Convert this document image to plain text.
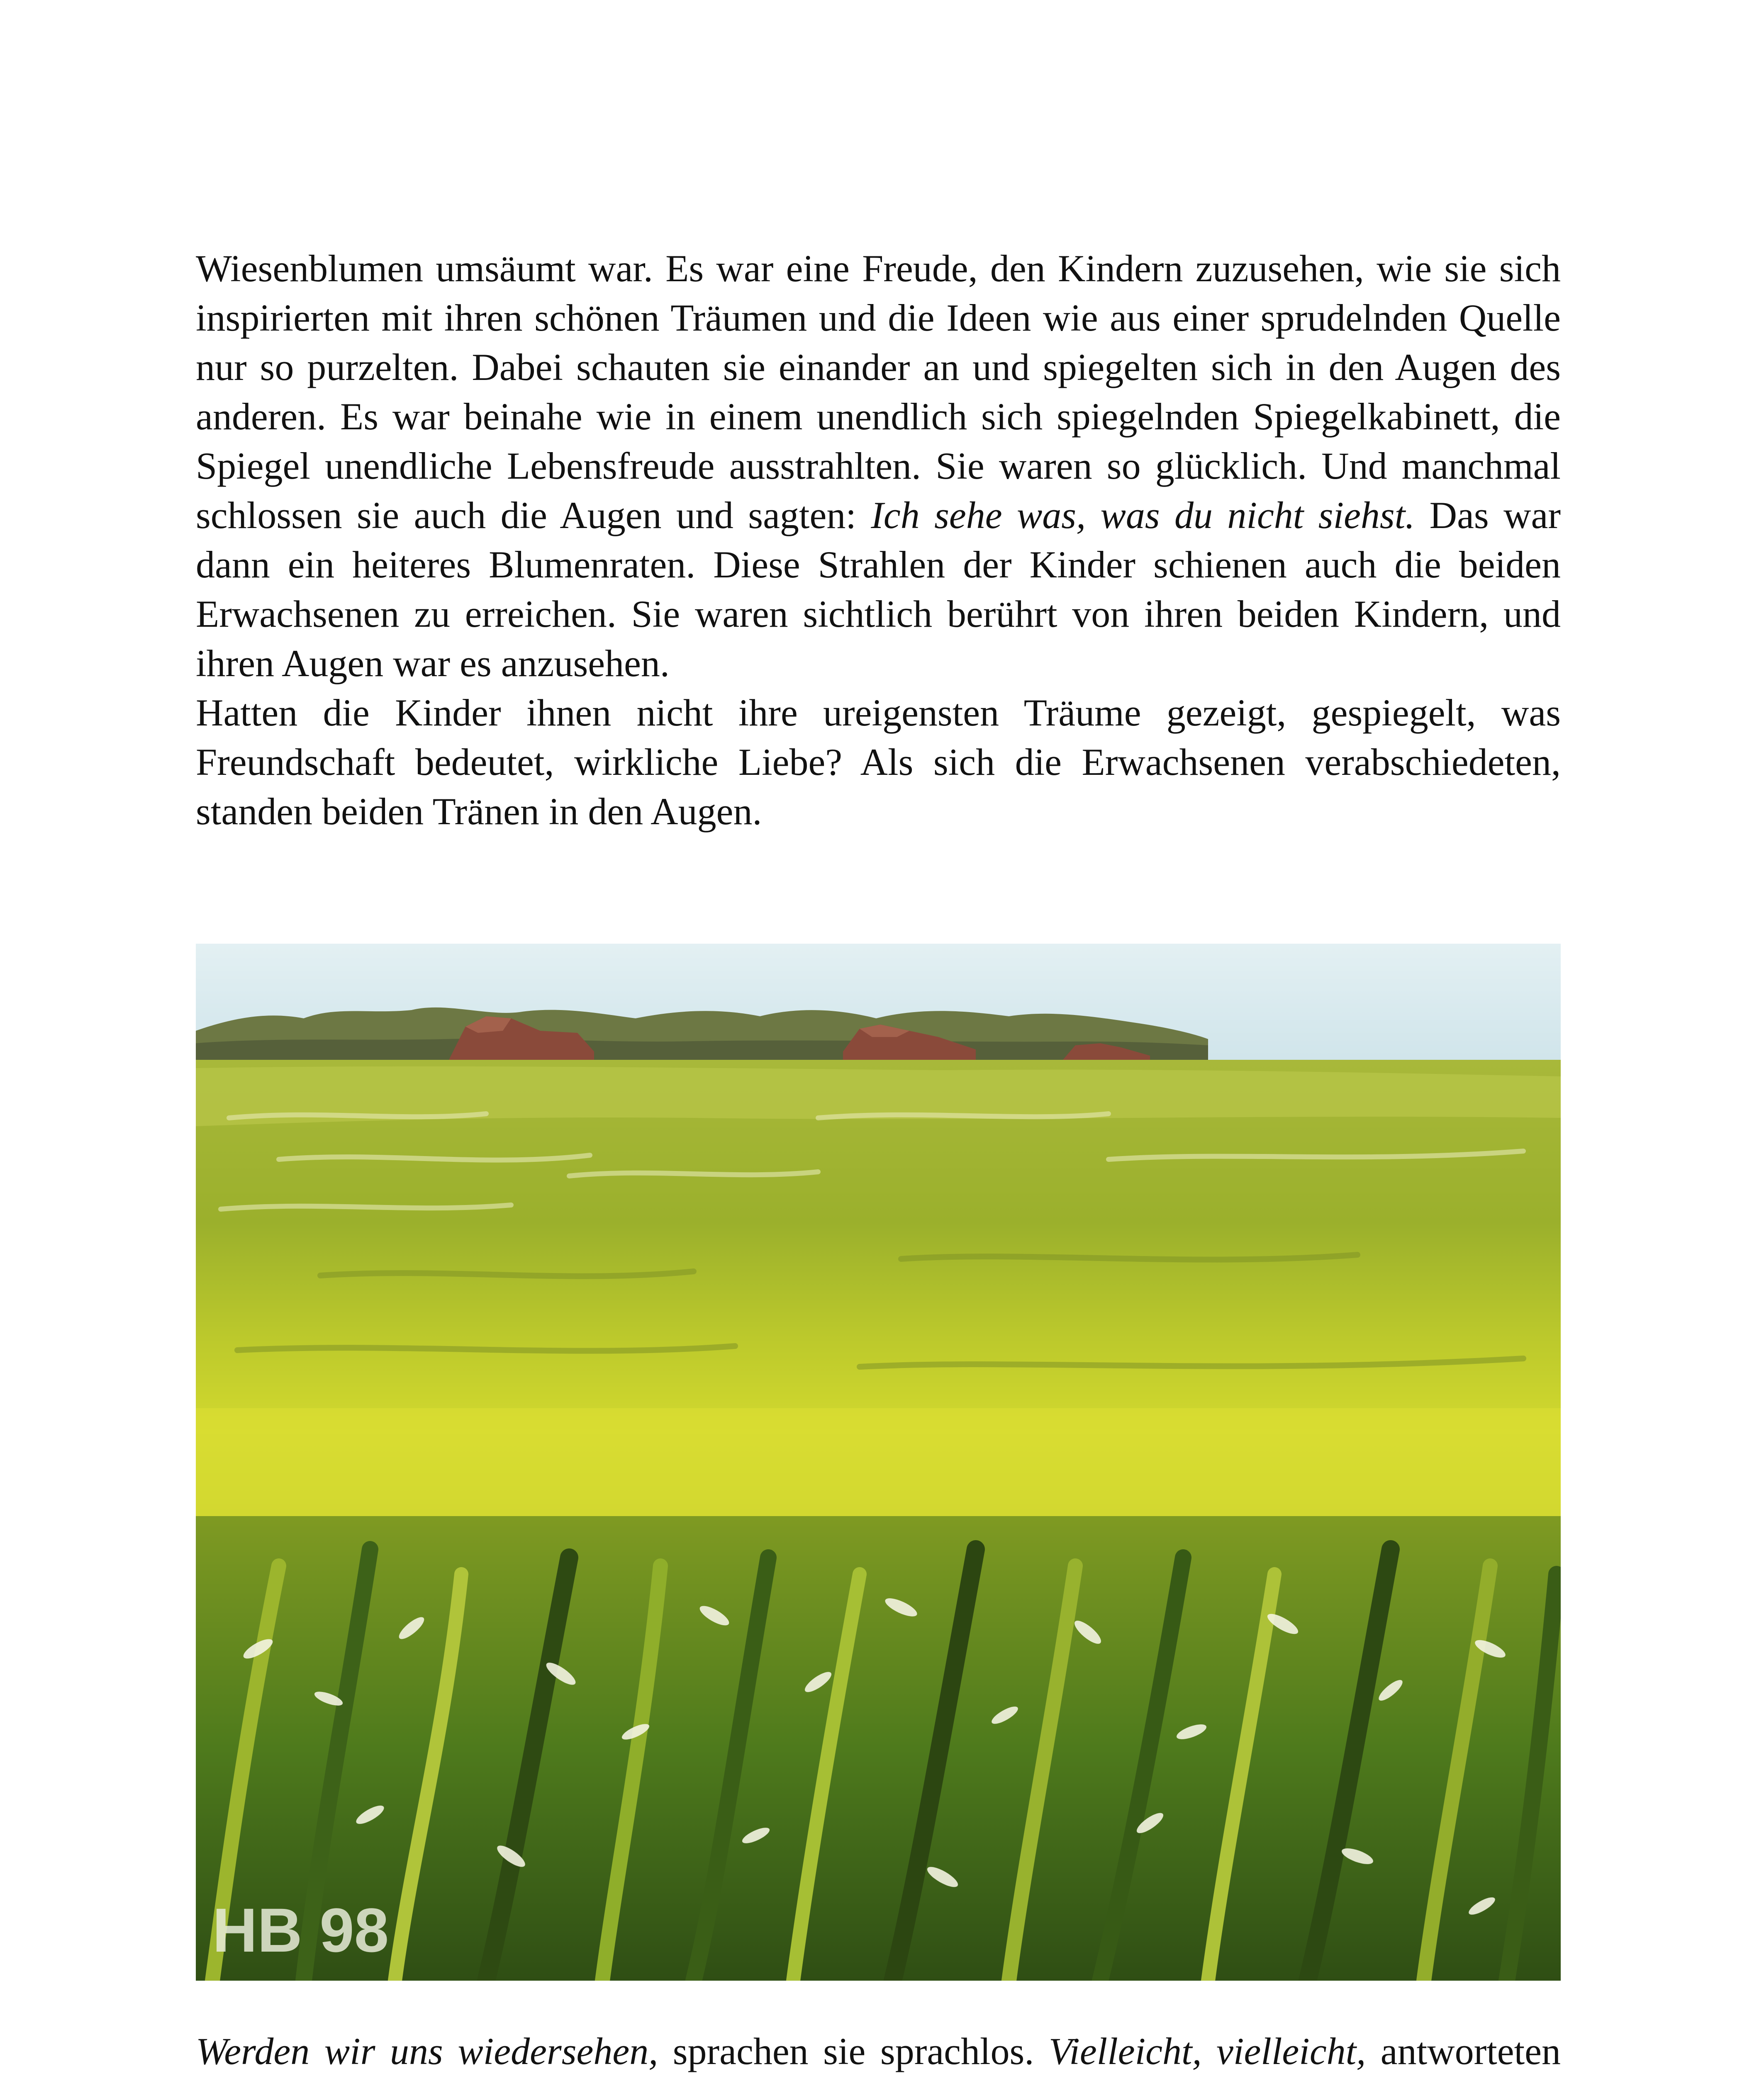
Wiesenblumen umsäumt war. Es war eine Freude, den Kindern zuzusehen, wie sie sich inspirierten mit ihren schönen Träumen und die Ideen wie aus einer sprudelnden Quelle nur so purzelten. Dabei schauten sie einander an und spiegelten sich in den Augen des anderen. Es war beinahe wie in einem unendlich sich spiegelnden Spiegelkabinett, die Spiegel unendliche Lebensfreude ausstrahlten. Sie waren so glücklich. Und manchmal schlossen sie auch die Augen und sagten: Ich sehe was, was du nicht siehst. Das war dann ein heiteres Blumenraten. Diese Strahlen der Kinder schienen auch die beiden Erwachsenen zu erreichen. Sie waren sichtlich berührt von ihren beiden Kindern, und ihren Augen war es anzusehen.

Hatten die Kinder ihnen nicht ihre ureigensten Träume gezeigt, gespiegelt, was Freundschaft bedeutet, wirkliche Liebe? Als sich die Erwachsenen verabschiedeten, standen beiden Tränen in den Augen.

HB 98

Werden wir uns wiedersehen, sprachen sie sprachlos. Vielleicht, vielleicht, antworteten
